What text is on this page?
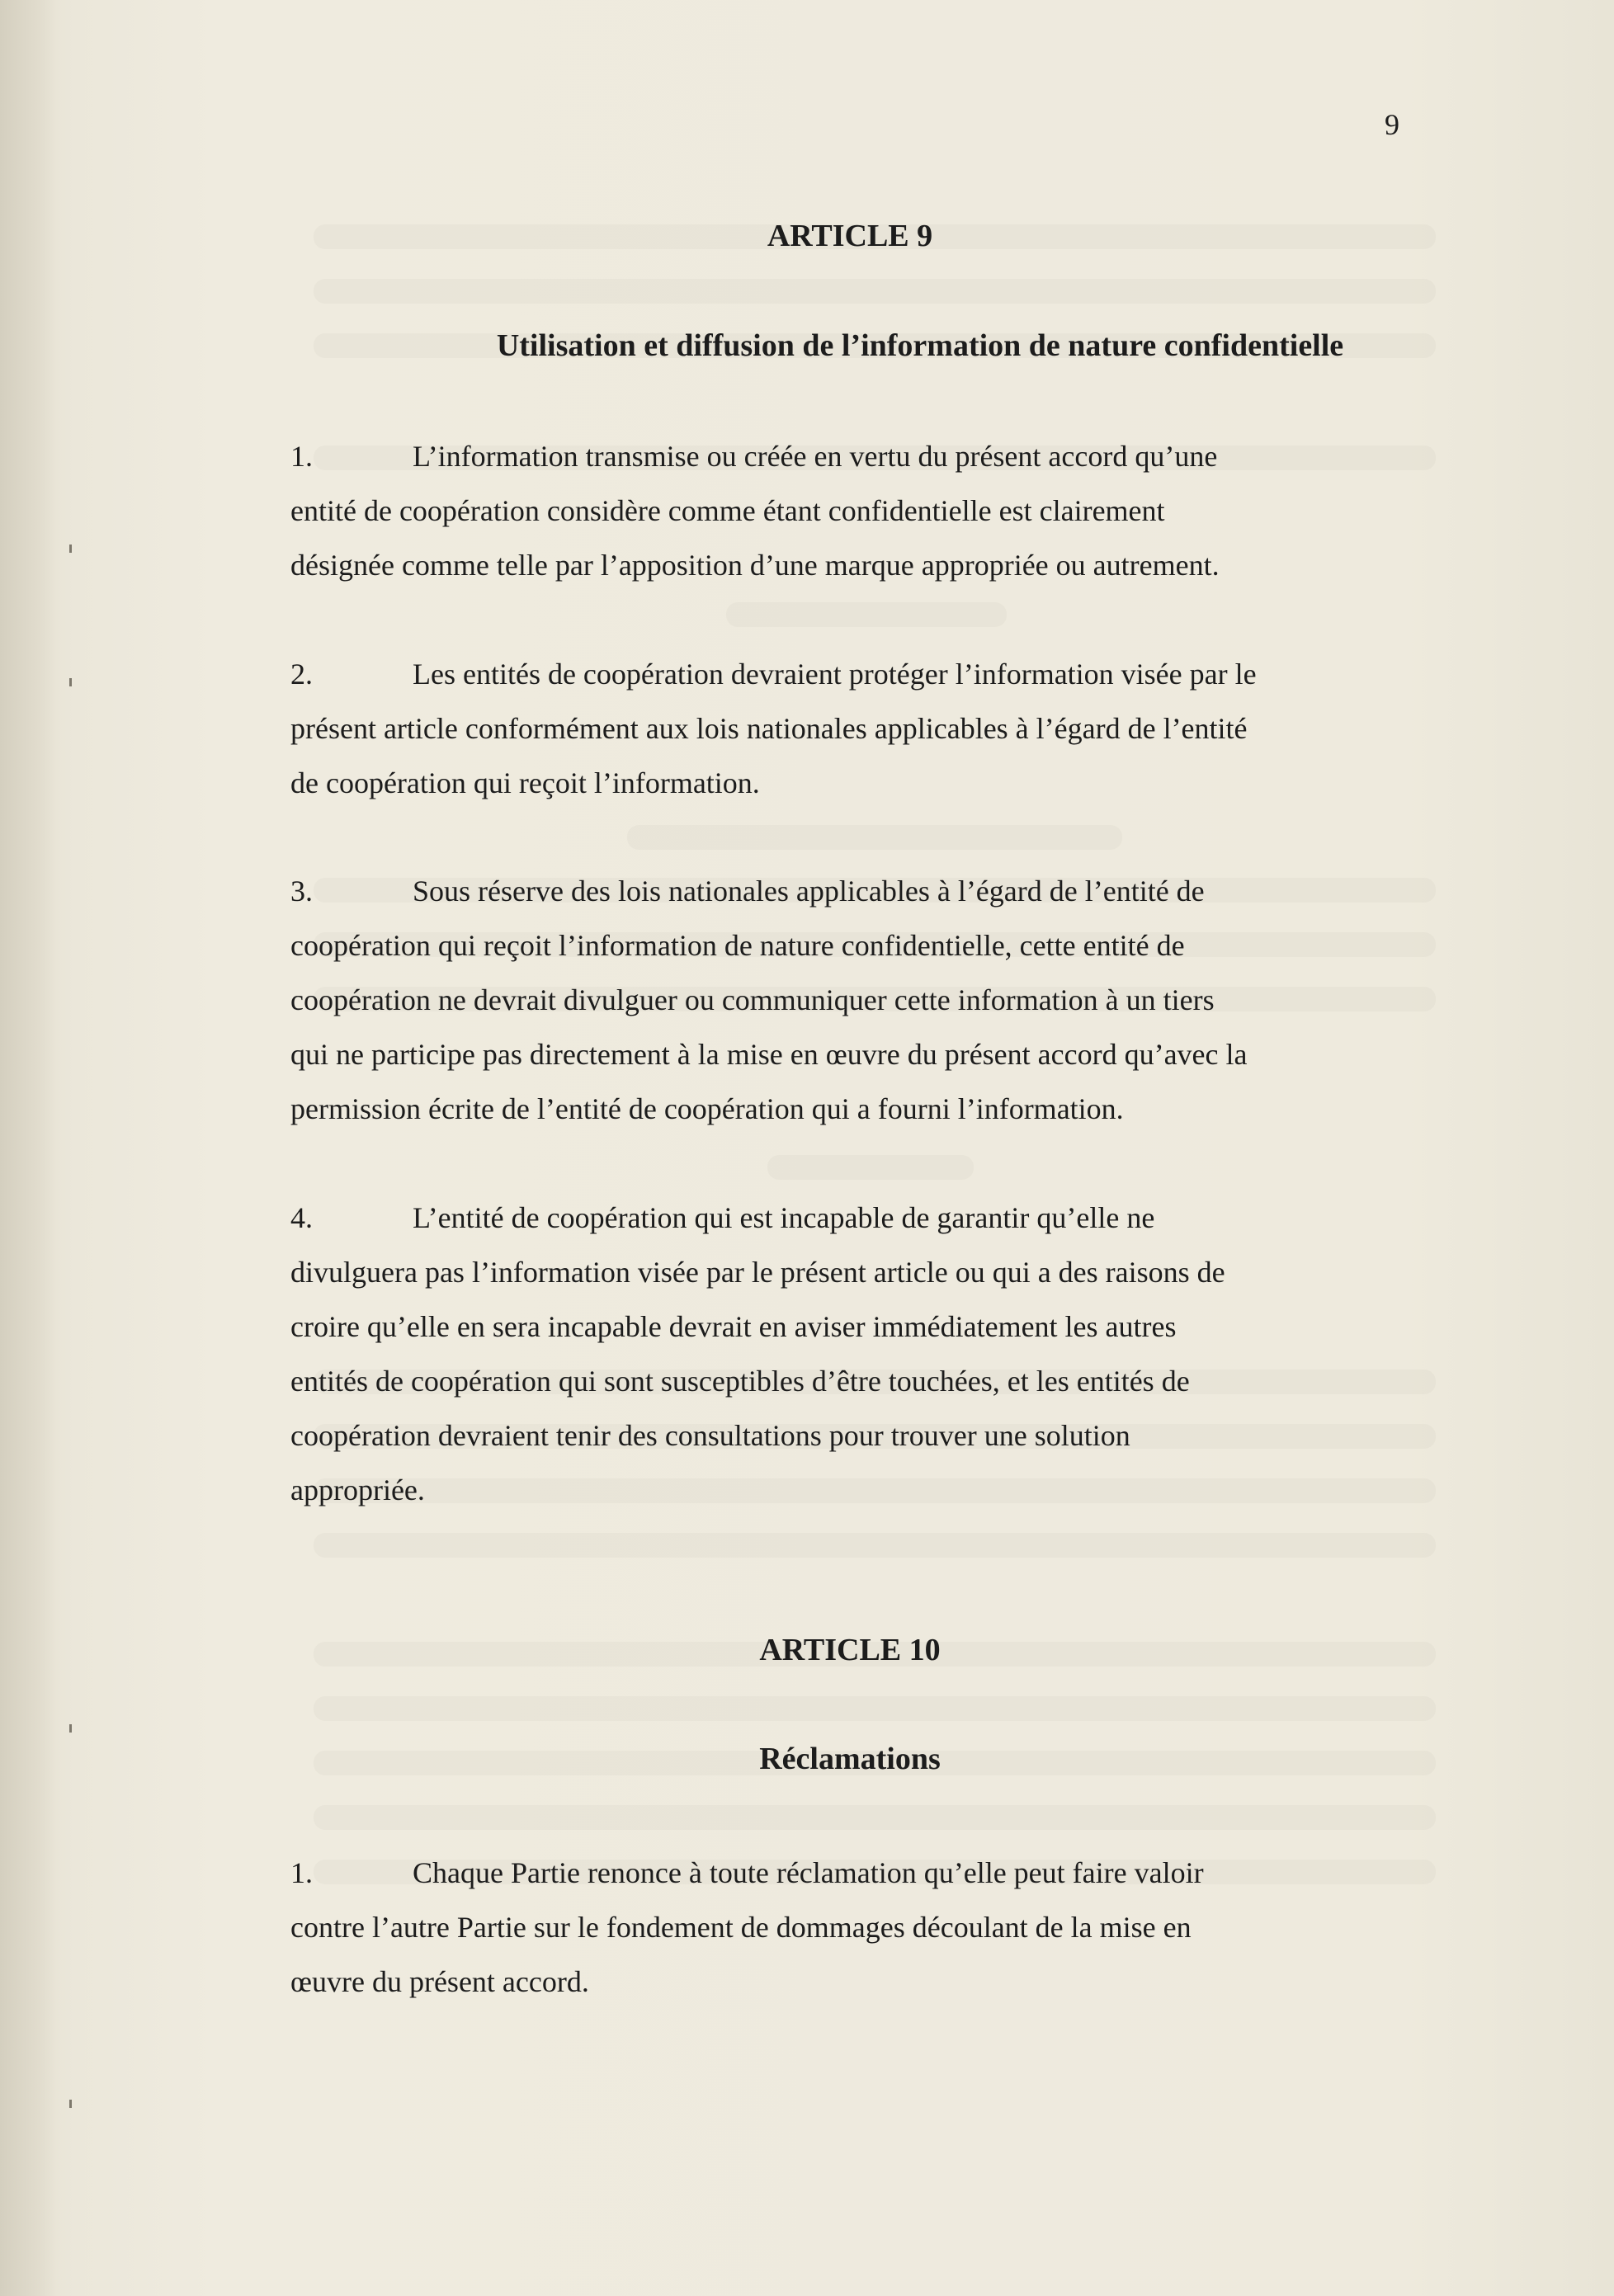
9
ARTICLE 9
Utilisation et diffusion de l’information de nature confidentielle
1.	L’information transmise ou créée en vertu du présent accord qu’une
entité de coopération considère comme étant confidentielle est clairement
désignée comme telle par l’apposition d’une marque appropriée ou autrement.
2.	Les entités de coopération devraient protéger l’information visée par le
présent article conformément aux lois nationales applicables à l’égard de l’entité
de coopération qui reçoit l’information.
3.	Sous réserve des lois nationales applicables à l’égard de l’entité de
coopération qui reçoit l’information de nature confidentielle, cette entité de
coopération ne devrait divulguer ou communiquer cette information à un tiers
qui ne participe pas directement à la mise en œuvre du présent accord qu’avec la
permission écrite de l’entité de coopération qui a fourni l’information.
4.	L’entité de coopération qui est incapable de garantir qu’elle ne
divulguera pas l’information visée par le présent article ou qui a des raisons de
croire qu’elle en sera incapable devrait en aviser immédiatement les autres
entités de coopération qui sont susceptibles d’être touchées, et les entités de
coopération devraient tenir des consultations pour trouver une solution
appropriée.
ARTICLE 10
Réclamations
1.	Chaque Partie renonce à toute réclamation qu’elle peut faire valoir
contre l’autre Partie sur le fondement de dommages découlant de la mise en
œuvre du présent accord.
